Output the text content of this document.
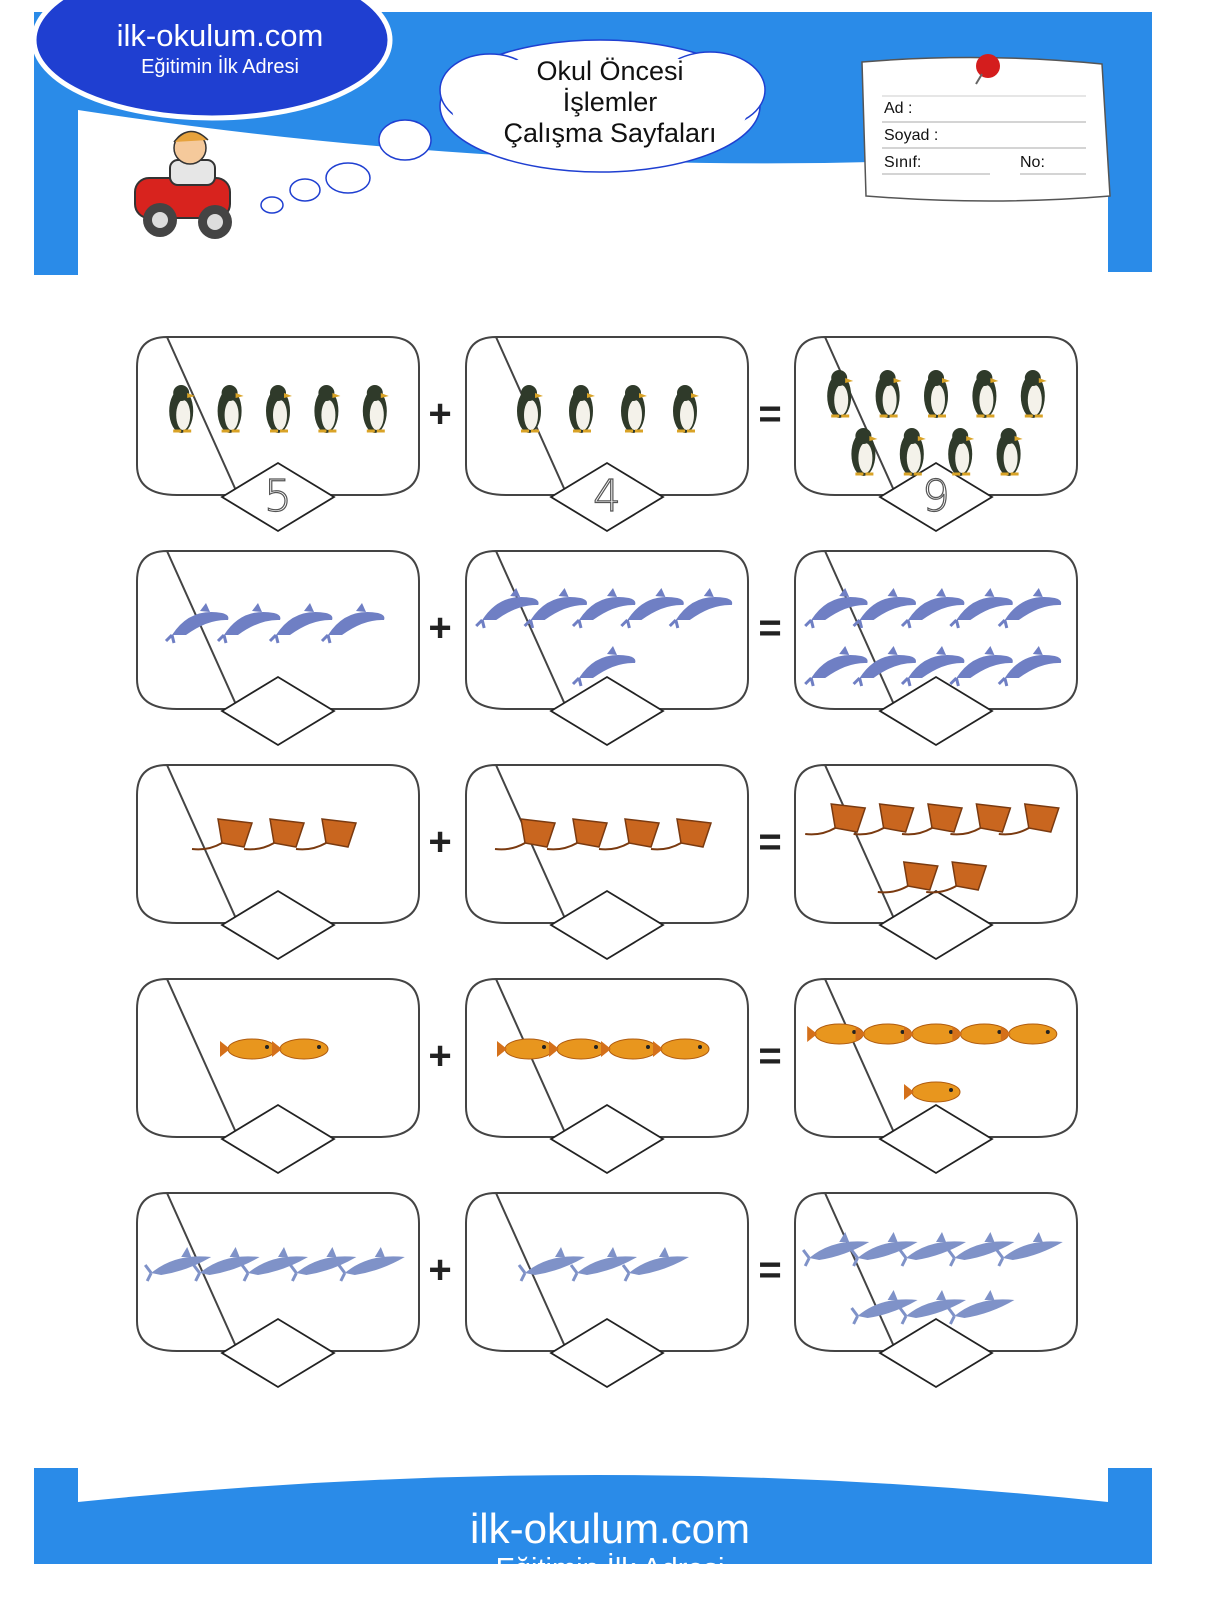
ilk-okulum.com
Eğitimin İlk Adresi	Okul Öncesi
İşlemler
Çalışma Sayfaları
Ad :
Soyad :
Sınıf:	No:
+	=
+	=
+	=
+	=
+	=
5	4	9
ilk-okulum.com
Eğitimin İlk Adresi
